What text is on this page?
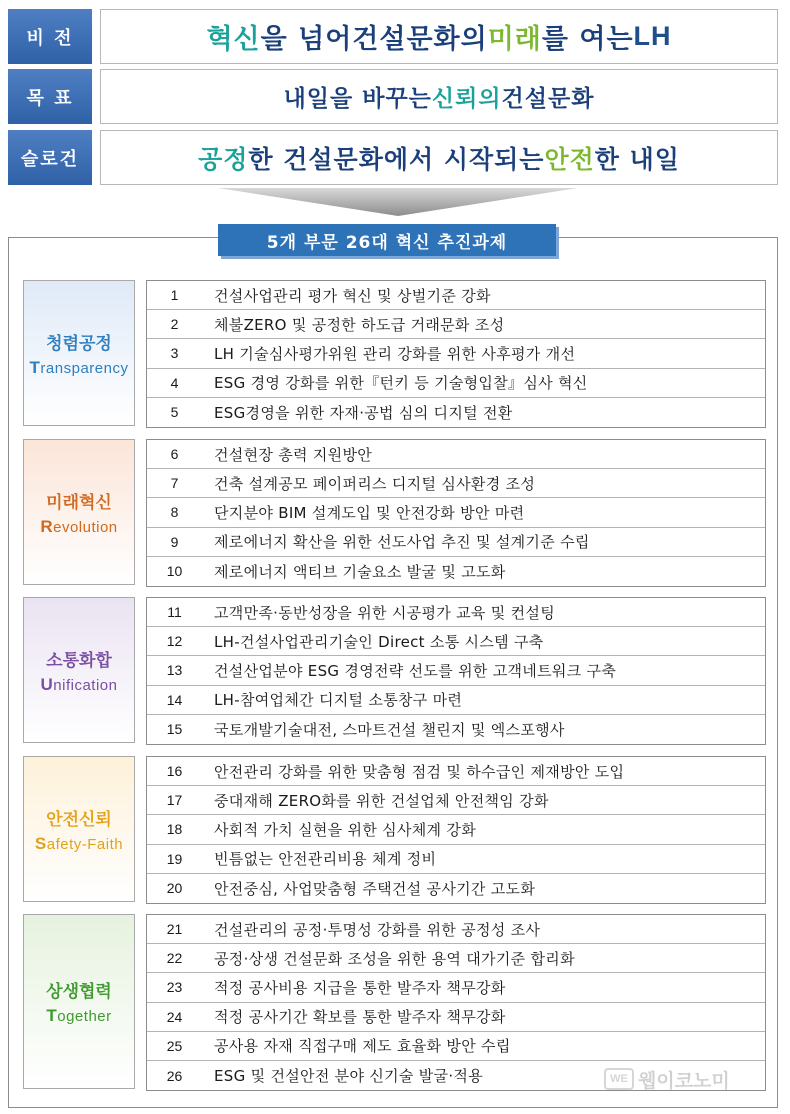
비 전	혁신 을 넘어 건설문화의 미래 를 여는 LH
목 표	내일을 바꾸는 신뢰의 건설문화
슬로건	공정 한 건설문화에서 시작되는 안전 한 내일
5개 부문 26대 혁신 추진과제
청렴공정
Transparency
1	건설사업관리 평가 혁신 및 상벌기준 강화
2	체불ZERO 및 공정한 하도급 거래문화 조성
3	LH 기술심사평가위원 관리 강화를 위한 사후평가 개선
4	ESG 경영 강화를 위한『턴키 등 기술형입찰』심사 혁신
5	ESG경영을 위한 자재·공법 심의 디지털 전환
미래혁신
Revolution
6	건설현장 총력 지원방안
7	건축 설계공모 페이퍼리스 디지털 심사환경 조성
8	단지분야 BIM 설계도입 및 안전강화 방안 마련
9	제로에너지 확산을 위한 선도사업 추진 및 설계기준 수립
10	제로에너지 액티브 기술요소 발굴 및 고도화
소통화합
Unification
11	고객만족·동반성장을 위한 시공평가 교육 및 컨설팅
12	LH-건설사업관리기술인 Direct 소통 시스템 구축
13	건설산업분야 ESG 경영전략 선도를 위한 고객네트워크 구축
14	LH-참여업체간 디지털 소통창구 마련
15	국토개발기술대전, 스마트건설 챌린지 및 엑스포행사
안전신뢰
Safety-Faith
16	안전관리 강화를 위한 맞춤형 점검 및 하수급인 제재방안 도입
17	중대재해 ZERO화를 위한 건설업체 안전책임 강화
18	사회적 가치 실현을 위한 심사체계 강화
19	빈틈없는 안전관리비용 체계 정비
20	안전중심, 사업맞춤형 주택건설 공사기간 고도화
상생협력
Together
21	건설관리의 공정·투명성 강화를 위한 공정성 조사
22	공정·상생 건설문화 조성을 위한 용역 대가기준 합리화
23	적정 공사비용 지급을 통한 발주자 책무강화
24	적정 공사기간 확보를 통한 발주자 책무강화
25	공사용 자재 직접구매 제도 효율화 방안 수립
26	ESG 및 건설안전 분야 신기술 발굴·적용	WE 웹이코노미
